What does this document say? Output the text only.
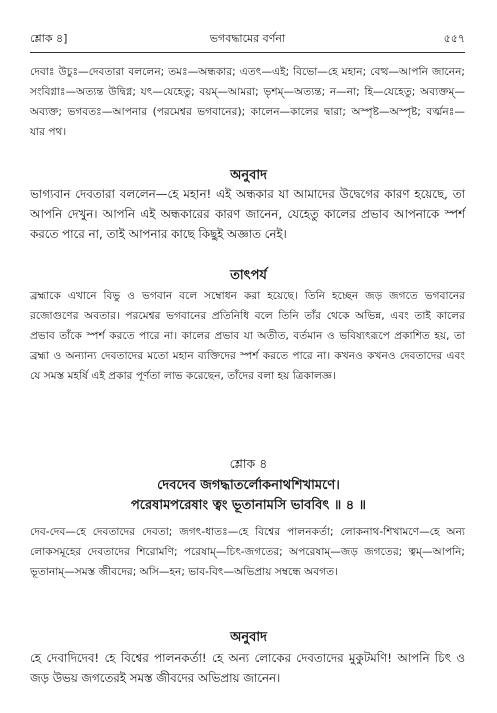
শ্লোক ৪]	ভগবদ্ধামের বর্ণনা	৫৫৭
দেবাঃ উচুঃ—দেবতারা বললেন; তমঃ—অন্ধকার; এতৎ—এই; বিভো—হে মহান; বেত্থ—আপনি জানেন; সংবিগ্নাঃ—অত্যন্ত উদ্বিগ্ন; যৎ—যেহেতু; বয়ম্—আমরা; ভৃশম্—অত্যন্ত; ন—না; হি—যেহেতু; অব্যক্তম্—অব্যক্ত; ভগবতঃ—আপনার (পরমেশ্বর ভগবানের); কালেন—কালের দ্বারা; অস্পৃষ্ট—অস্পৃষ্ট; বর্ত্মনঃ—যার পথ।
অনুবাদ
ভাগ্যবান দেবতারা বললেন—হে মহান! এই অন্ধকার যা আমাদের উদ্বেগের কারণ হয়েছে, তা আপনি দেখুন। আপনি এই অন্ধকারের কারণ জানেন, যেহেতু কালের প্রভাব আপনাকে স্পর্শ করতে পারে না, তাই আপনার কাছে কিছুই অজ্ঞাত নেই।
তাৎপর্য
ব্রহ্মাকে এখানে বিভু ও ভগবান বলে সম্বোধন করা হয়েছে। তিনি হচ্ছেন জড় জগতে ভগবানের রজোগুণের অবতার। পরমেশ্বর ভগবানের প্রতিনিধি বলে তিনি তাঁর থেকে অভিন্ন, এবং তাই কালের প্রভাব তাঁকে স্পর্শ করতে পারে না। কালের প্রভাব যা অতীত, বর্তমান ও ভবিষ্যৎরূপে প্রকাশিত হয়, তা ব্রহ্মা ও অন্যান্য দেবতাদের মতো মহান ব্যক্তিদের স্পর্শ করতে পারে না। কখনও কখনও দেবতাদের এবং যে সমস্ত মহর্ষি এই প্রকার পূর্ণতা লাভ করেছেন, তাঁদের বলা হয় ত্রিকালজ্ঞ।
শ্লোক ৪
দেবদেব জগদ্ধাতর্লোকনাথশিখামণে।
পরেষামপরেষাং ত্বং ভূতানামসি ভাববিৎ ॥ ৪ ॥
দেব-দেব—হে দেবতাদের দেবতা; জগৎ-ধাতঃ—হে বিশ্বের পালনকর্তা; লোকনাথ-শিখামণে—হে অন্য লোকসমূহের দেবতাদের শিরোমণি; পরেষাম্—চিৎ-জগতের; অপরেষাম্—জড় জগতের; ত্বম্—আপনি; ভূতানাম্—সমস্ত জীবদের; অসি—হন; ভাব-বিৎ—অভিপ্রায় সম্বন্ধে অবগত।
অনুবাদ
হে দেবাদিদেব! হে বিশ্বের পালনকর্তা! হে অন্য লোকের দেবতাদের মুকুটমণি! আপনি চিৎ ও জড় উভয় জগতেরই সমস্ত জীবদের অভিপ্রায় জানেন।
